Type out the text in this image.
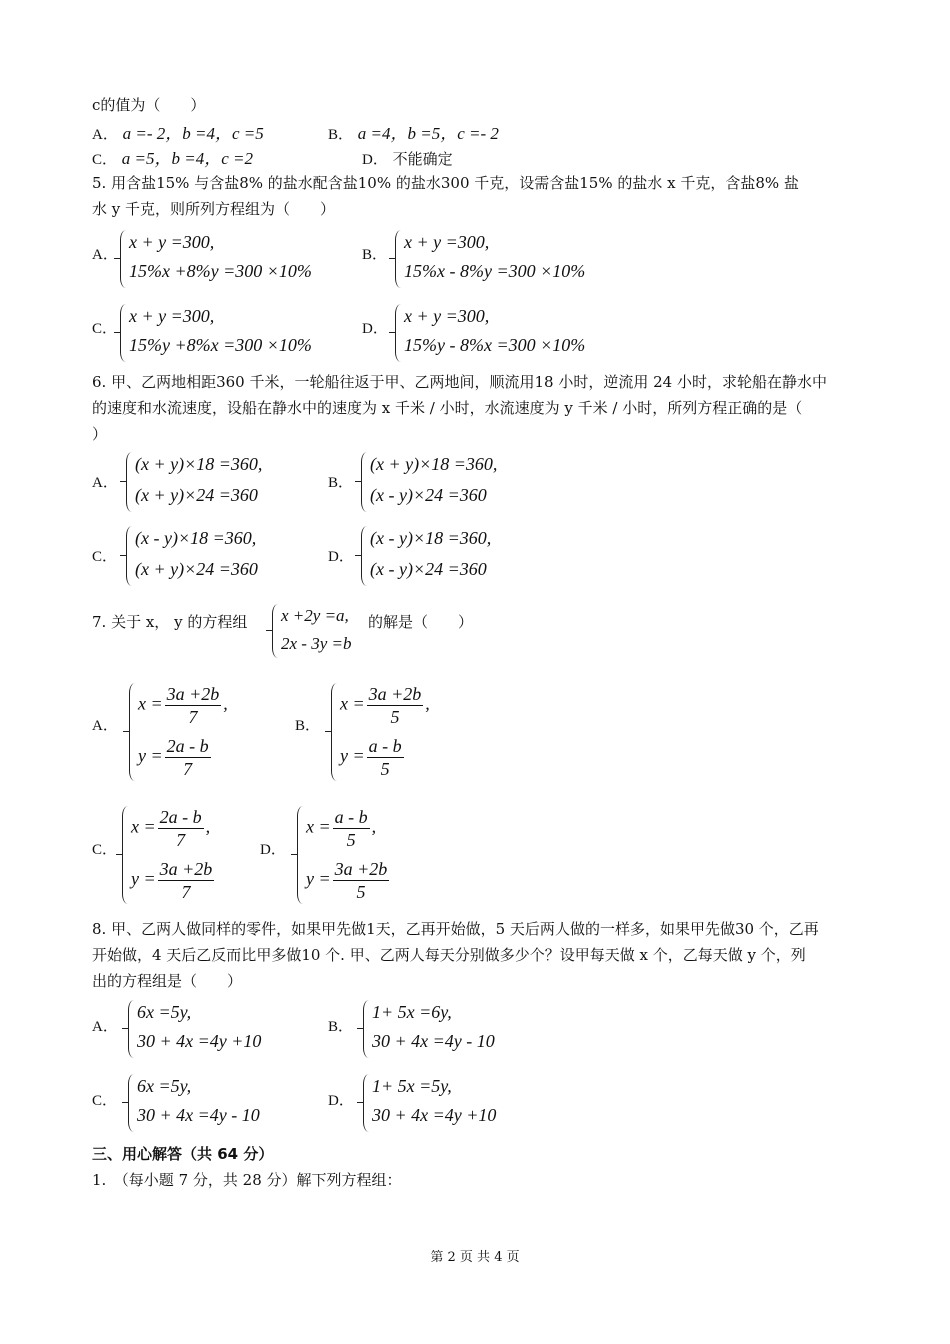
c的值为（　　）
A． a =- 2，b =4，c =5	B． a =4，b =5，c =- 2
C． a =5，b =4，c =2	D． 不能确定
5. 用含盐15% 与含盐8% 的盐水配含盐10% 的盐水300 千克，设需含盐15% 的盐水 x 千克，含盐8% 盐
水 y 千克，则所列方程组为（　　）
A．
x + y =300,
15%x +8%y =300 ×10%
B．
x + y =300,
15%x - 8%y =300 ×10%
C．
x + y =300,
15%y +8%x =300 ×10%
D．
x + y =300,
15%y - 8%x =300 ×10%
6. 甲、乙两地相距360 千米，一轮船往返于甲、乙两地间，顺流用18 小时，逆流用 24 小时，求轮船在静水中
的速度和水流速度，设船在静水中的速度为 x 千米 / 小时，水流速度为 y 千米 / 小时，所列方程正确的是（
）
A．
(x + y)×18 =360,
(x + y)×24 =360
B．
(x + y)×18 =360,
(x - y)×24 =360
C．
(x - y)×18 =360,
(x + y)×24 =360
D．
(x - y)×18 =360,
(x - y)×24 =360
7. 关于 x， y 的方程组 x +2y =a,
2x - 3y =b
的解是（　　）
A．
$x = \frac{3a +2b}{7}$ ,
$y = \frac{2a - b}{7}$
B．
$x = \frac{3a +2b}{5}$ ,
$y = \frac{a - b}{5}$
C．
$x = \frac{2a - b}{7}$ ,
$y = \frac{3a +2b}{7}$
D．
$x = \frac{a - b}{5}$ ,
$y = \frac{3a +2b}{5}$
8. 甲、乙两人做同样的零件，如果甲先做1天，乙再开始做，5 天后两人做的一样多，如果甲先做30 个，乙再
开始做，4 天后乙反而比甲多做10 个. 甲、乙两人每天分别做多少个？设甲每天做 x 个，乙每天做 y 个，列
出的方程组是（　　）
A．
6x =5y,
30 + 4x =4y +10
B．
1+ 5x =6y,
30 + 4x =4y - 10
C．
6x =5y,
30 + 4x =4y - 10
D．
1+ 5x =5y,
30 + 4x =4y +10
三、用心解答（共 64 分）
1.　（每小题 7 分，共 28 分）解下列方程组：
第 2 页 共 4 页
